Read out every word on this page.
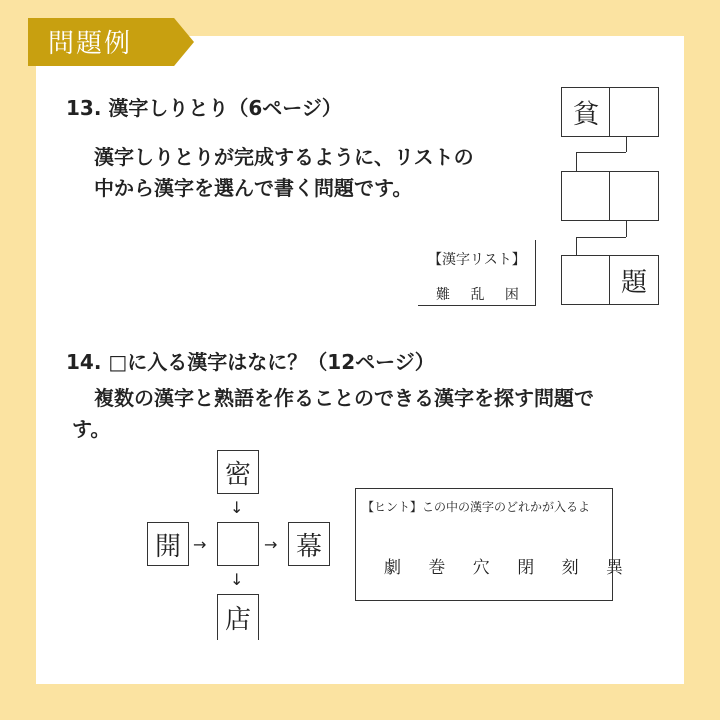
問題例
13. 漢字しりとり（6ページ）
漢字しりとりが完成するように、リストの
中から漢字を選んで書く問題です。
貧
題
【漢字リスト】
難 乱 困
14. □に入る漢字はなに？（12ページ）
複数の漢字と熟語を作ることのできる漢字を探す問題で
す。
密
↓
開 →	→ 幕
↓
店
【ヒント】この中の漢字のどれかが入るよ
劇 巻 穴 閉 刻 異
